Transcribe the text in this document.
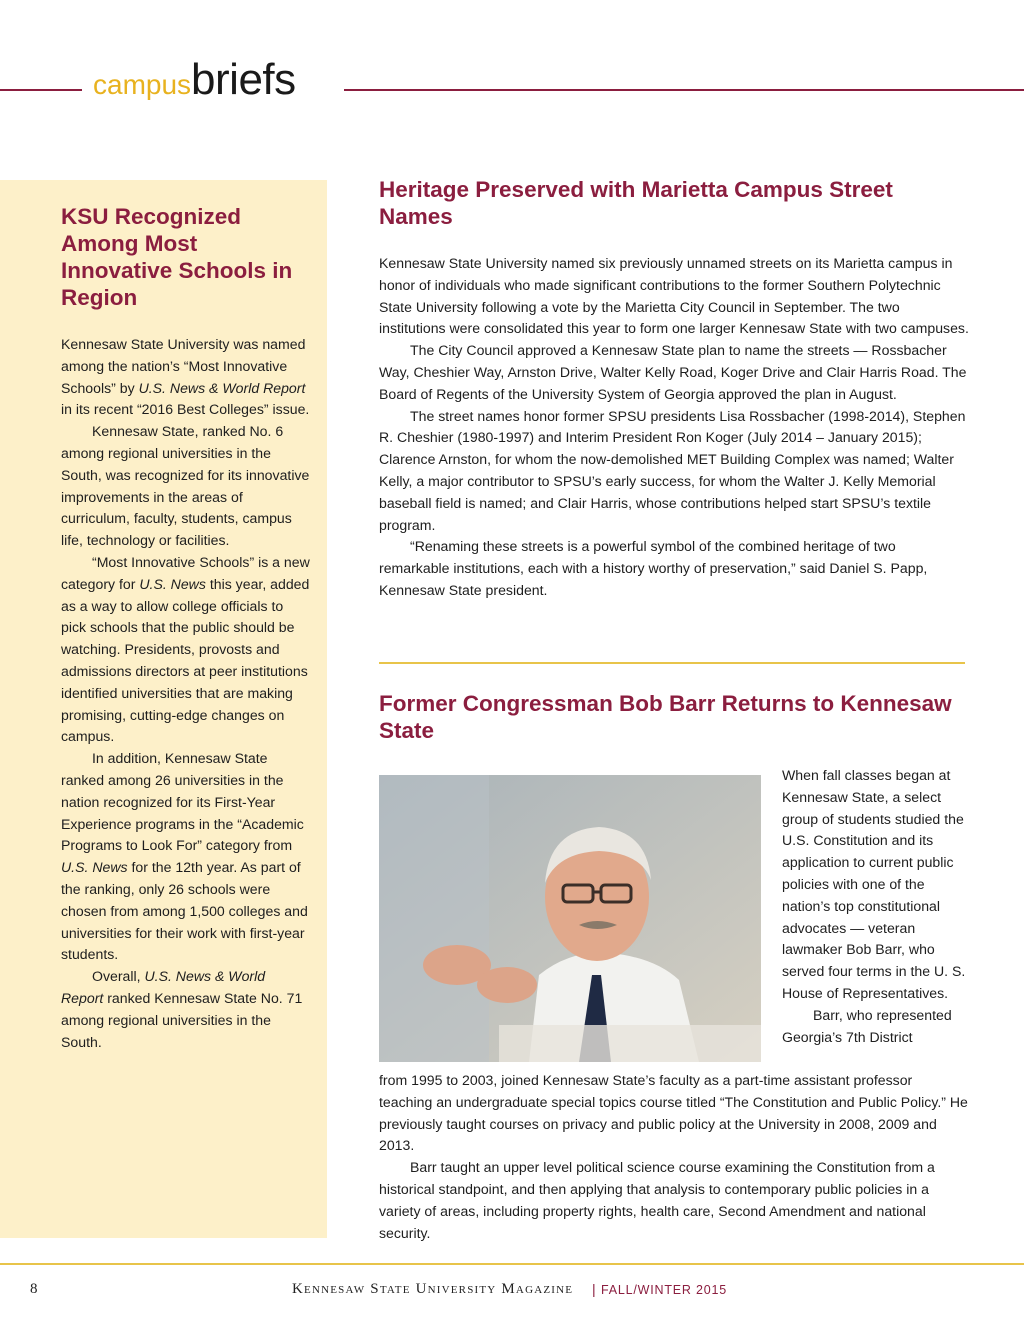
campusbriefs
KSU Recognized Among Most Innovative Schools in Region

Kennesaw State University was named among the nation’s “Most Innovative Schools” by U.S. News & World Report in its recent “2016 Best Colleges” issue.

Kennesaw State, ranked No. 6 among regional universities in the South, was recognized for its innovative improvements in the areas of curriculum, faculty, students, campus life, technology or facilities.

“Most Innovative Schools” is a new category for U.S. News this year, added as a way to allow college officials to pick schools that the public should be watching. Presidents, provosts and admissions directors at peer institutions identified universities that are making promising, cutting-edge changes on campus.

In addition, Kennesaw State ranked among 26 universities in the nation recognized for its First-Year Experience programs in the “Academic Programs to Look For” category from U.S. News for the 12th year. As part of the ranking, only 26 schools were chosen from among 1,500 colleges and universities for their work with first-year students.

Overall, U.S. News & World Report ranked Kennesaw State No. 71 among regional universities in the South.

Heritage Preserved with Marietta Campus Street Names

Kennesaw State University named six previously unnamed streets on its Marietta campus in honor of individuals who made significant contributions to the former Southern Polytechnic State University following a vote by the Marietta City Council in September. The two institutions were consolidated this year to form one larger Kennesaw State with two campuses.

The City Council approved a Kennesaw State plan to name the streets — Rossbacher Way, Cheshier Way, Arnston Drive, Walter Kelly Road, Koger Drive and Clair Harris Road. The Board of Regents of the University System of Georgia approved the plan in August.

The street names honor former SPSU presidents Lisa Rossbacher (1998-2014), Stephen R. Cheshier (1980-1997) and Interim President Ron Koger (July 2014 – January 2015); Clarence Arnston, for whom the now-demolished MET Building Complex was named; Walter Kelly, a major contributor to SPSU’s early success, for whom the Walter J. Kelly Memorial baseball field is named; and Clair Harris, whose contributions helped start SPSU’s textile program.

“Renaming these streets is a powerful symbol of the combined heritage of two remarkable institutions, each with a history worthy of preservation,” said Daniel S. Papp, Kennesaw State president.

Former Congressman Bob Barr Returns to Kennesaw State

When fall classes began at Kennesaw State, a select group of students studied the U.S. Constitution and its application to current public policies with one of the nation’s top constitutional advocates — veteran lawmaker Bob Barr, who served four terms in the U. S. House of Representatives.

Barr, who represented Georgia’s 7th District

from 1995 to 2003, joined Kennesaw State’s faculty as a part-time assistant professor teaching an undergraduate special topics course titled “The Constitution and Public Policy.” He previously taught courses on privacy and public policy at the University in 2008, 2009 and 2013.

Barr taught an upper level political science course examining the Constitution from a historical standpoint, and then applying that analysis to contemporary public policies in a variety of areas, including property rights, health care, Second Amendment and national security.

8	Kennesaw State University Magazine | FALL/WINTER 2015
